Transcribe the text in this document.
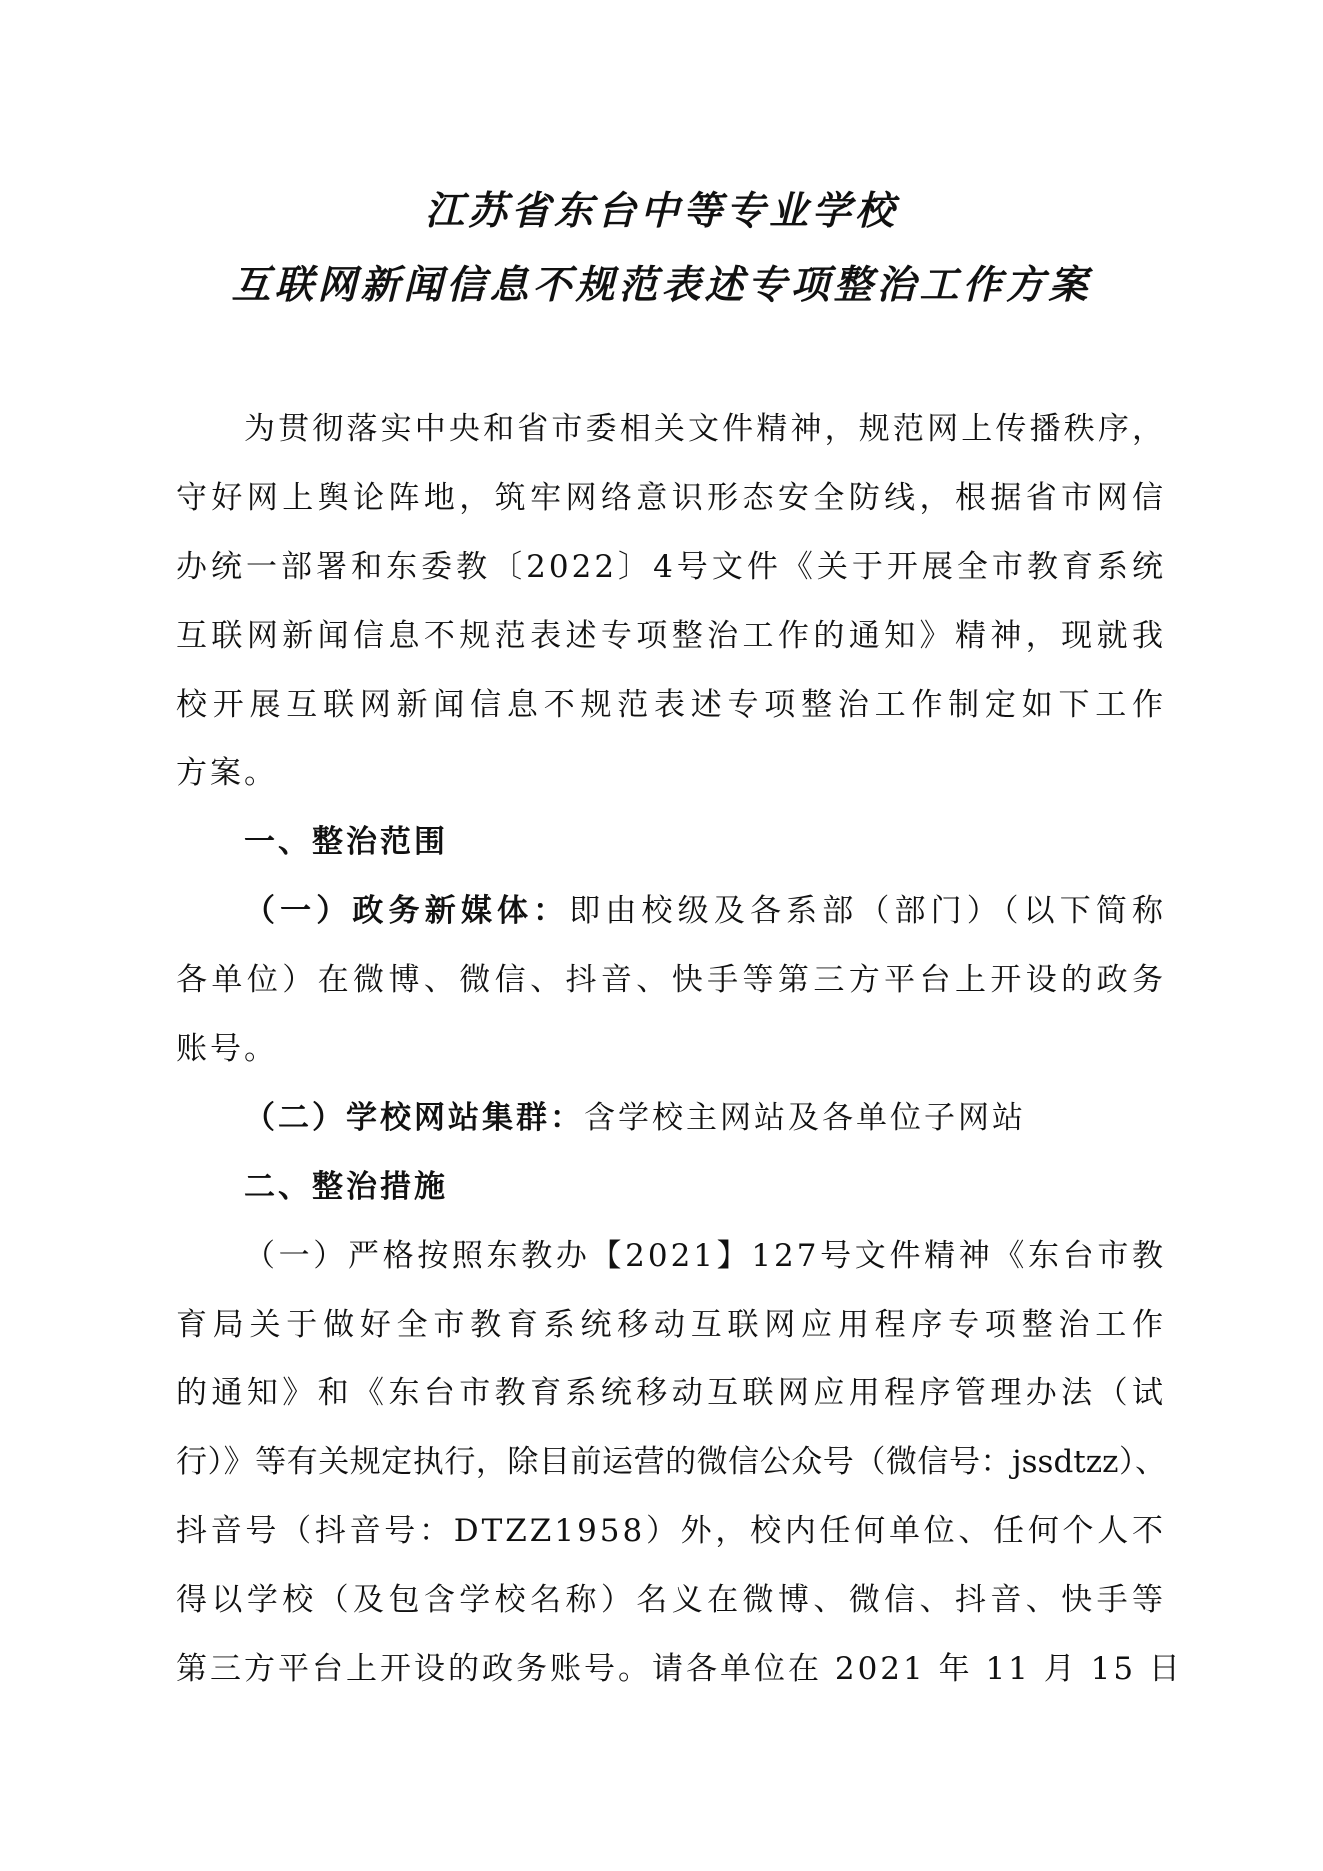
江苏省东台中等专业学校
互联网新闻信息不规范表述专项整治工作方案
为贯彻落实中央和省市委相关文件精神，规范网上传播秩序，
守好网上舆论阵地，筑牢网络意识形态安全防线，根据省市网信
办统一部署和东委教〔2022〕4号文件《关于开展全市教育系统
互联网新闻信息不规范表述专项整治工作的通知》精神，现就我
校开展互联网新闻信息不规范表述专项整治工作制定如下工作
方案。
一、整治范围
（一）政务新媒体：即由校级及各系部（部门）（以下简称
各单位）在微博、微信、抖音、快手等第三方平台上开设的政务
账号。
（二）学校网站集群：含学校主网站及各单位子网站
二、整治措施
（一）严格按照东教办【2021】127号文件精神《东台市教
育局关于做好全市教育系统移动互联网应用程序专项整治工作
的通知》和《东台市教育系统移动互联网应用程序管理办法（试
行）》等有关规定执行，除目前运营的微信公众号（微信号：jssdtzz）、
抖音号（抖音号：DTZZ1958）外，校内任何单位、任何个人不
得以学校（及包含学校名称）名义在微博、微信、抖音、快手等
第三方平台上开设的政务账号。请各单位在 2021 年 11 月 15 日
